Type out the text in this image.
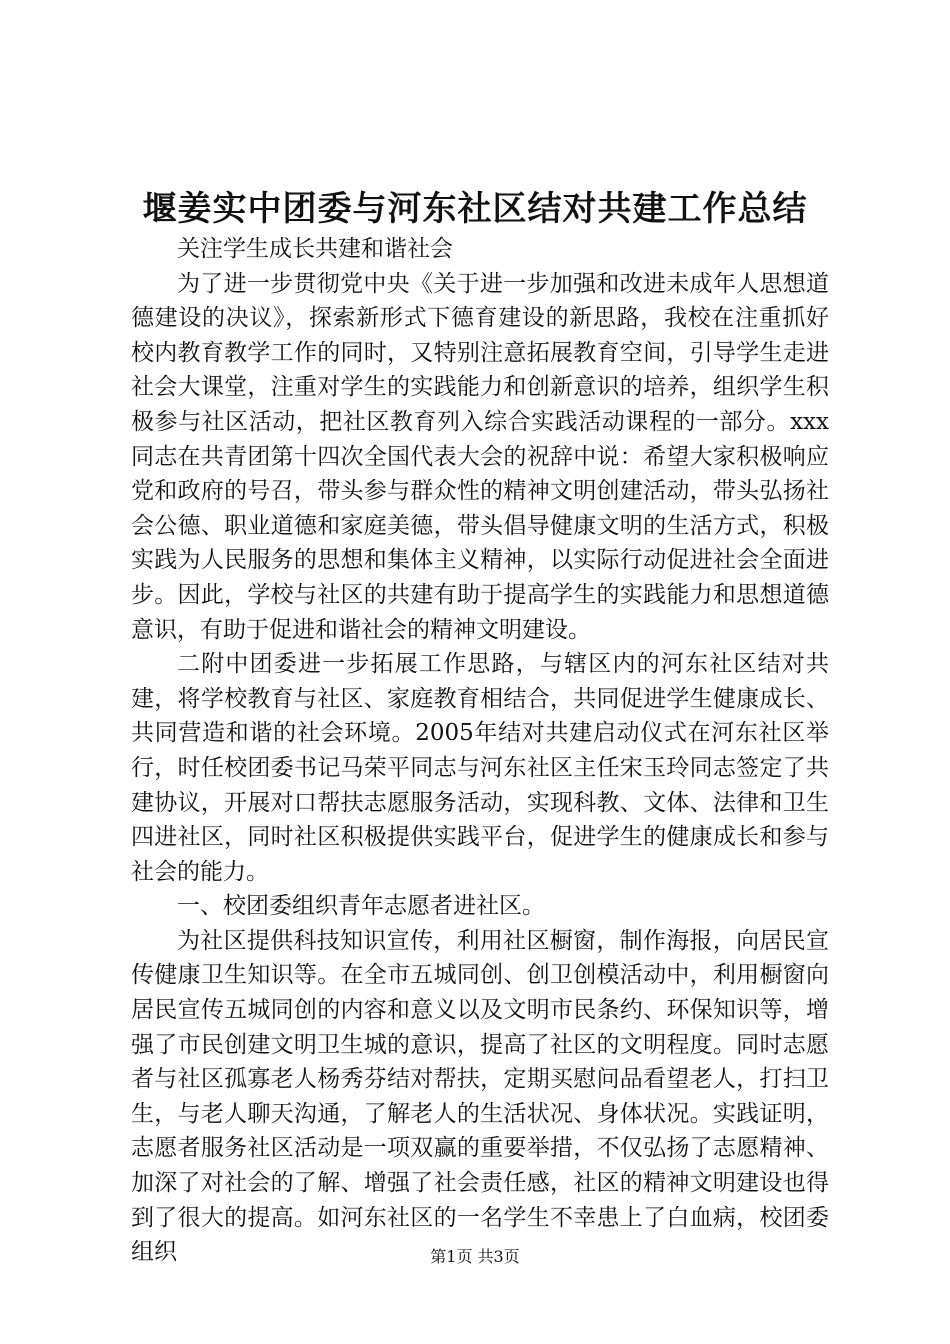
堰姜实中团委与河东社区结对共建工作总结

关注学生成长共建和谐社会

为了进一步贯彻党中央《关于进一步加强和改进未成年人思想道德建设的决议》，探索新形式下德育建设的新思路，我校在注重抓好校内教育教学工作的同时，又特别注意拓展教育空间，引导学生走进社会大课堂，注重对学生的实践能力和创新意识的培养，组织学生积极参与社区活动，把社区教育列入综合实践活动课程的一部分。xxx同志在共青团第十四次全国代表大会的祝辞中说：希望大家积极响应党和政府的号召，带头参与群众性的精神文明创建活动，带头弘扬社会公德、职业道德和家庭美德，带头倡导健康文明的生活方式，积极实践为人民服务的思想和集体主义精神，以实际行动促进社会全面进步。因此，学校与社区的共建有助于提高学生的实践能力和思想道德意识，有助于促进和谐社会的精神文明建设。

二附中团委进一步拓展工作思路，与辖区内的河东社区结对共建，将学校教育与社区、家庭教育相结合，共同促进学生健康成长、共同营造和谐的社会环境。2005年结对共建启动仪式在河东社区举行，时任校团委书记马荣平同志与河东社区主任宋玉玲同志签定了共建协议，开展对口帮扶志愿服务活动，实现科教、文体、法律和卫生四进社区，同时社区积极提供实践平台，促进学生的健康成长和参与社会的能力。

一、校团委组织青年志愿者进社区。

为社区提供科技知识宣传，利用社区橱窗，制作海报，向居民宣传健康卫生知识等。在全市五城同创、创卫创模活动中，利用橱窗向居民宣传五城同创的内容和意义以及文明市民条约、环保知识等，增强了市民创建文明卫生城的意识，提高了社区的文明程度。同时志愿者与社区孤寡老人杨秀芬结对帮扶，定期买慰问品看望老人，打扫卫生，与老人聊天沟通，了解老人的生活状况、身体状况。实践证明，志愿者服务社区活动是一项双赢的重要举措，不仅弘扬了志愿精神、加深了对社会的了解、增强了社会责任感，社区的精神文明建设也得到了很大的提高。如河东社区的一名学生不幸患上了白血病，校团委组织	第1页 共3页
